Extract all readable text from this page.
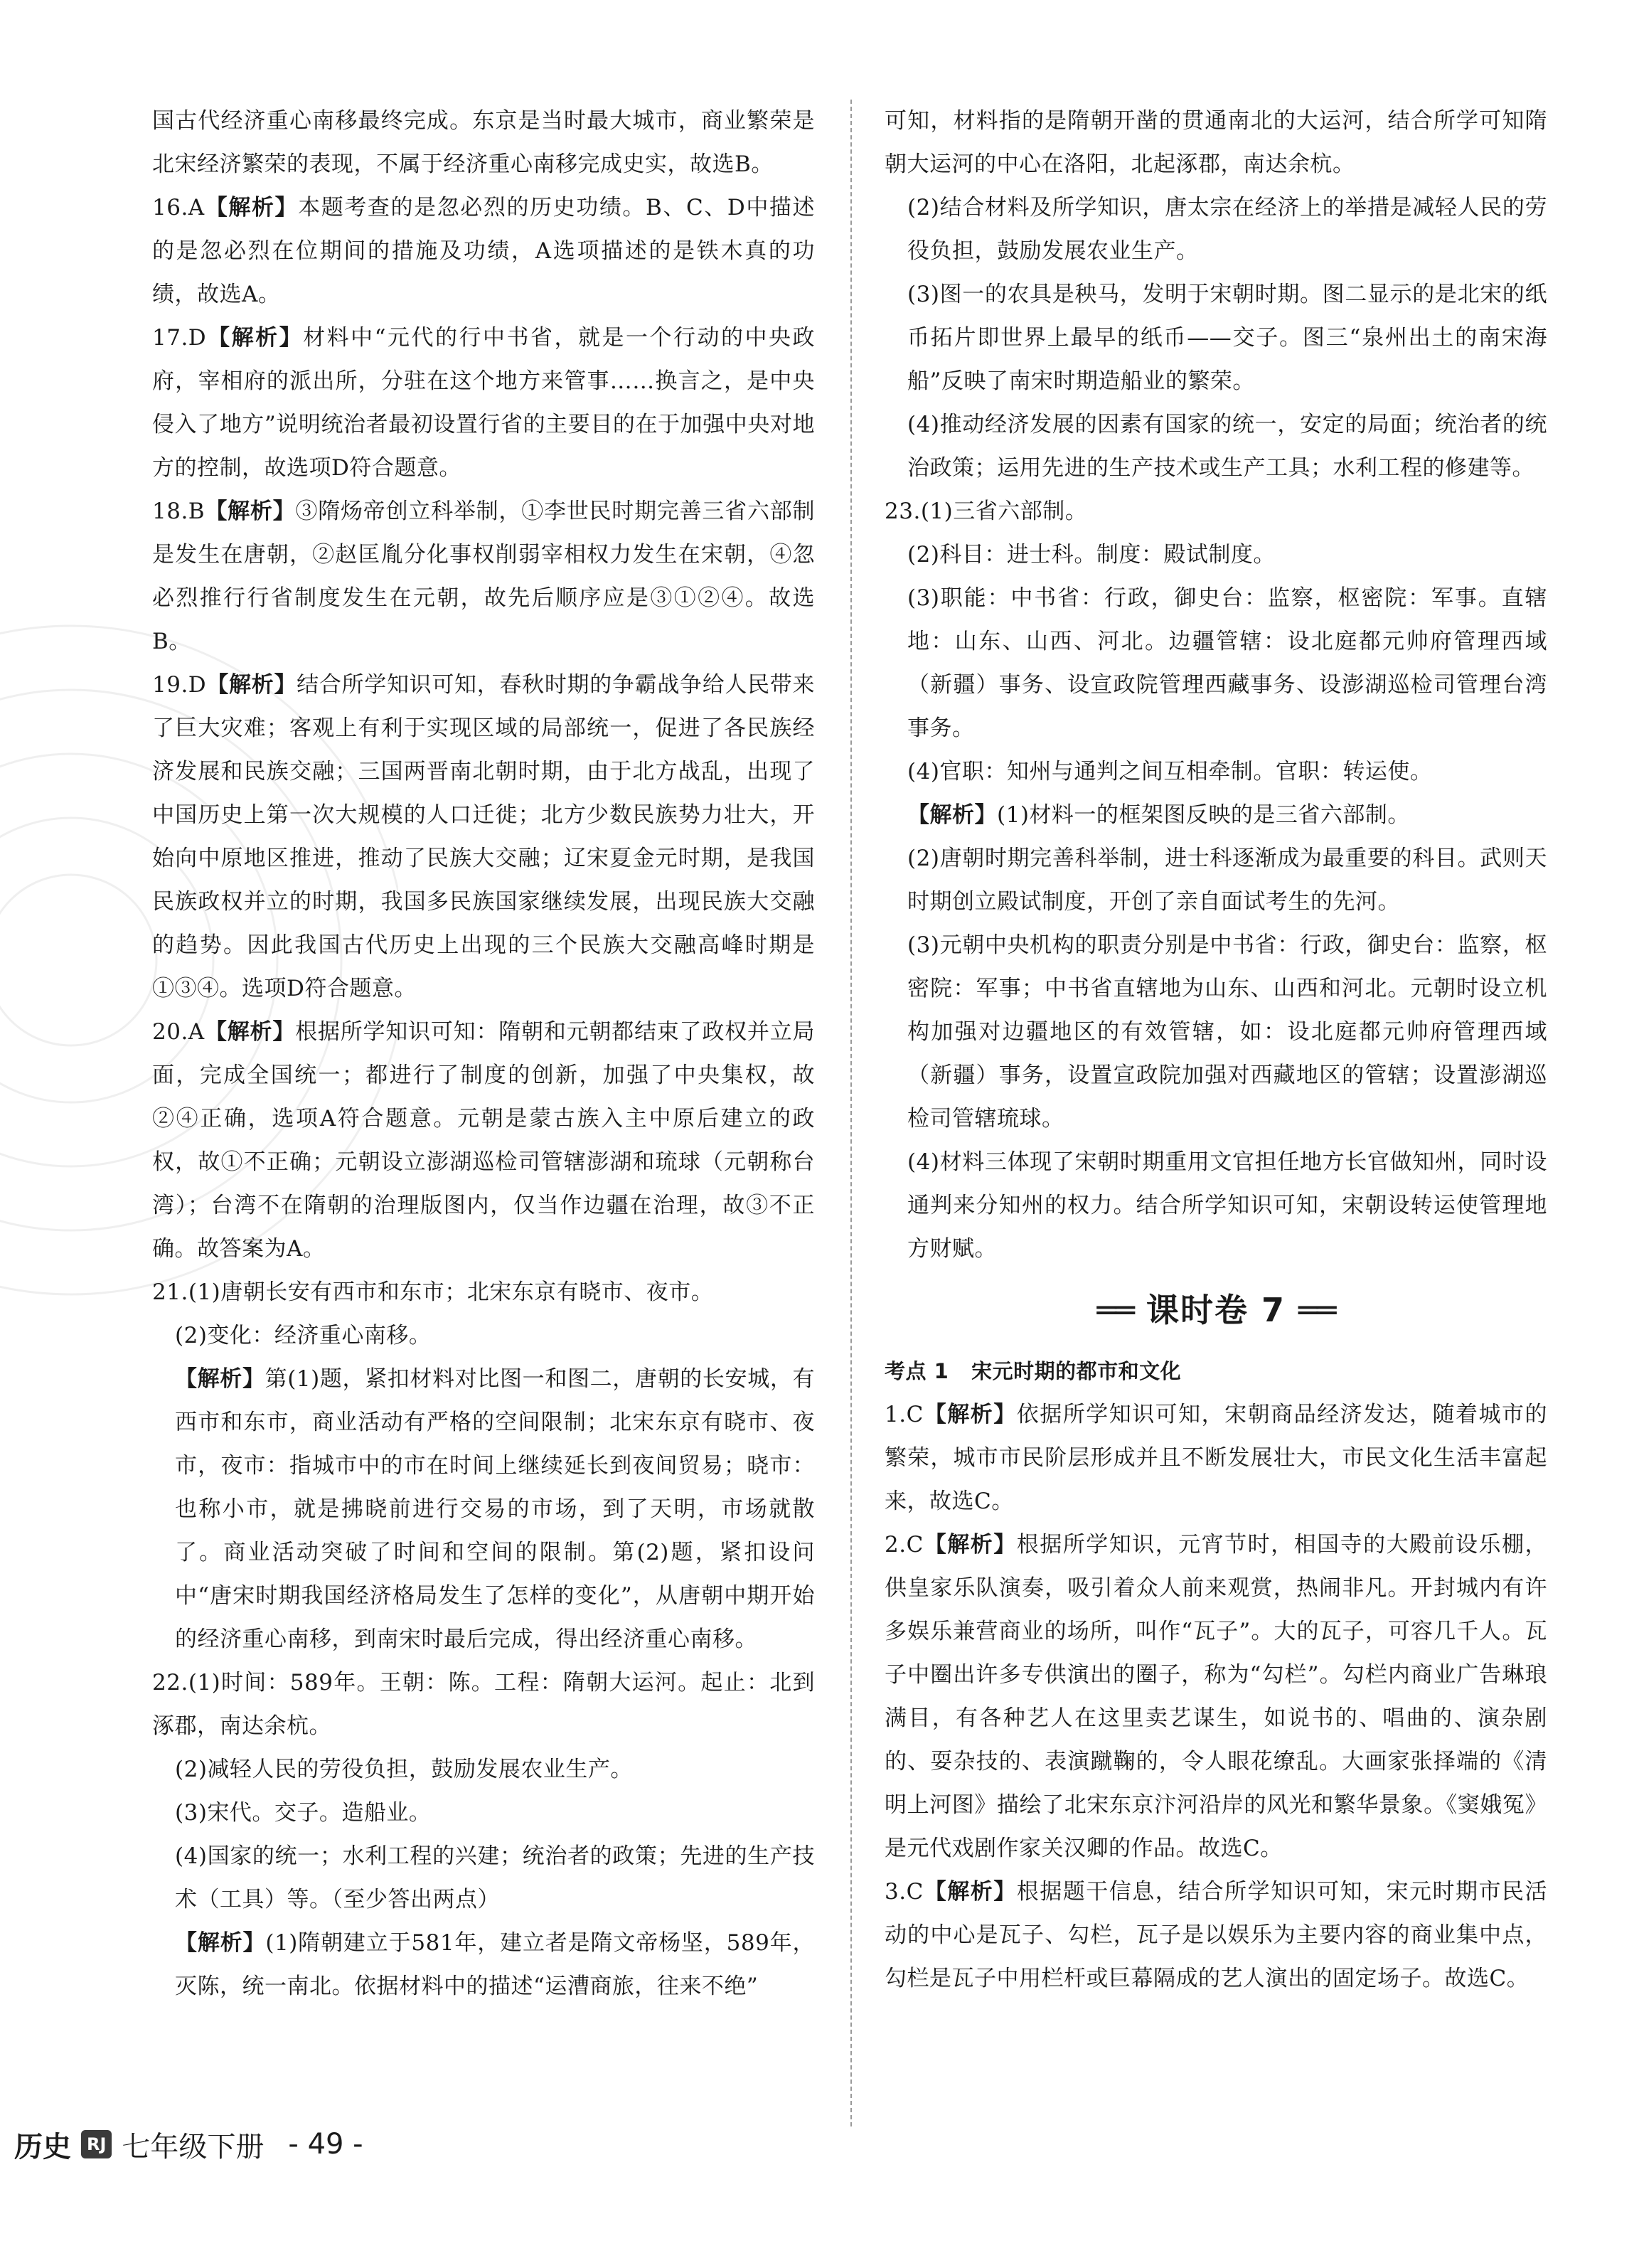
国古代经济重心南移最终完成。东京是当时最大城市，商业繁荣是北宋经济繁荣的表现，不属于经济重心南移完成史实，故选B。

16.A【解析】本题考查的是忽必烈的历史功绩。B、C、D中描述的是忽必烈在位期间的措施及功绩，A选项描述的是铁木真的功绩，故选A。

17.D【解析】材料中“元代的行中书省，就是一个行动的中央政府，宰相府的派出所，分驻在这个地方来管事……换言之，是中央侵入了地方”说明统治者最初设置行省的主要目的在于加强中央对地方的控制，故选项D符合题意。

18.B【解析】③隋炀帝创立科举制，①李世民时期完善三省六部制是发生在唐朝，②赵匡胤分化事权削弱宰相权力发生在宋朝，④忽必烈推行行省制度发生在元朝，故先后顺序应是③①②④。故选B。

19.D【解析】结合所学知识可知，春秋时期的争霸战争给人民带来了巨大灾难；客观上有利于实现区域的局部统一，促进了各民族经济发展和民族交融；三国两晋南北朝时期，由于北方战乱，出现了中国历史上第一次大规模的人口迁徙；北方少数民族势力壮大，开始向中原地区推进，推动了民族大交融；辽宋夏金元时期，是我国民族政权并立的时期，我国多民族国家继续发展，出现民族大交融的趋势。因此我国古代历史上出现的三个民族大交融高峰时期是①③④。选项D符合题意。

20.A【解析】根据所学知识可知：隋朝和元朝都结束了政权并立局面，完成全国统一；都进行了制度的创新，加强了中央集权，故②④正确，选项A符合题意。元朝是蒙古族入主中原后建立的政权，故①不正确；元朝设立澎湖巡检司管辖澎湖和琉球（元朝称台湾）；台湾不在隋朝的治理版图内，仅当作边疆在治理，故③不正确。故答案为A。

21.(1)唐朝长安有西市和东市；北宋东京有晓市、夜市。

(2)变化：经济重心南移。

【解析】第(1)题，紧扣材料对比图一和图二，唐朝的长安城，有西市和东市，商业活动有严格的空间限制；北宋东京有晓市、夜市，夜市：指城市中的市在时间上继续延长到夜间贸易；晓市：也称小市，就是拂晓前进行交易的市场，到了天明，市场就散了。商业活动突破了时间和空间的限制。第(2)题，紧扣设问中“唐宋时期我国经济格局发生了怎样的变化”，从唐朝中期开始的经济重心南移，到南宋时最后完成，得出经济重心南移。

22.(1)时间：589年。王朝：陈。工程：隋朝大运河。起止：北到涿郡，南达余杭。

(2)减轻人民的劳役负担，鼓励发展农业生产。

(3)宋代。交子。造船业。

(4)国家的统一；水利工程的兴建；统治者的政策；先进的生产技术（工具）等。（至少答出两点）

【解析】(1)隋朝建立于581年，建立者是隋文帝杨坚，589年，灭陈，统一南北。依据材料中的描述“运漕商旅，往来不绝”

可知，材料指的是隋朝开凿的贯通南北的大运河，结合所学可知隋朝大运河的中心在洛阳，北起涿郡，南达余杭。

(2)结合材料及所学知识，唐太宗在经济上的举措是减轻人民的劳役负担，鼓励发展农业生产。

(3)图一的农具是秧马，发明于宋朝时期。图二显示的是北宋的纸币拓片即世界上最早的纸币——交子。图三“泉州出土的南宋海船”反映了南宋时期造船业的繁荣。

(4)推动经济发展的因素有国家的统一，安定的局面；统治者的统治政策；运用先进的生产技术或生产工具；水利工程的修建等。

23.(1)三省六部制。

(2)科目：进士科。制度：殿试制度。

(3)职能：中书省：行政，御史台：监察，枢密院：军事。直辖地：山东、山西、河北。边疆管辖：设北庭都元帅府管理西域（新疆）事务、设宣政院管理西藏事务、设澎湖巡检司管理台湾事务。

(4)官职：知州与通判之间互相牵制。官职：转运使。

【解析】(1)材料一的框架图反映的是三省六部制。

(2)唐朝时期完善科举制，进士科逐渐成为最重要的科目。武则天时期创立殿试制度，开创了亲自面试考生的先河。

(3)元朝中央机构的职责分别是中书省：行政，御史台：监察，枢密院：军事；中书省直辖地为山东、山西和河北。元朝时设立机构加强对边疆地区的有效管辖，如：设北庭都元帅府管理西域（新疆）事务，设置宣政院加强对西藏地区的管辖；设置澎湖巡检司管辖琉球。

(4)材料三体现了宋朝时期重用文官担任地方长官做知州，同时设通判来分知州的权力。结合所学知识可知，宋朝设转运使管理地方财赋。

══ 课时卷 7 ══
考点 1 宋元时期的都市和文化

1.C【解析】依据所学知识可知，宋朝商品经济发达，随着城市的繁荣，城市市民阶层形成并且不断发展壮大，市民文化生活丰富起来，故选C。

2.C【解析】根据所学知识，元宵节时，相国寺的大殿前设乐棚，供皇家乐队演奏，吸引着众人前来观赏，热闹非凡。开封城内有许多娱乐兼营商业的场所，叫作“瓦子”。大的瓦子，可容几千人。瓦子中圈出许多专供演出的圈子，称为“勾栏”。勾栏内商业广告琳琅满目，有各种艺人在这里卖艺谋生，如说书的、唱曲的、演杂剧的、耍杂技的、表演蹴鞠的，令人眼花缭乱。大画家张择端的《清明上河图》描绘了北宋东京汴河沿岸的风光和繁华景象。《窦娥冤》是元代戏剧作家关汉卿的作品。故选C。

3.C【解析】根据题干信息，结合所学知识可知，宋元时期市民活动的中心是瓦子、勾栏，瓦子是以娱乐为主要内容的商业集中点，勾栏是瓦子中用栏杆或巨幕隔成的艺人演出的固定场子。故选C。

历史 RJ 七年级下册 - 49 -
